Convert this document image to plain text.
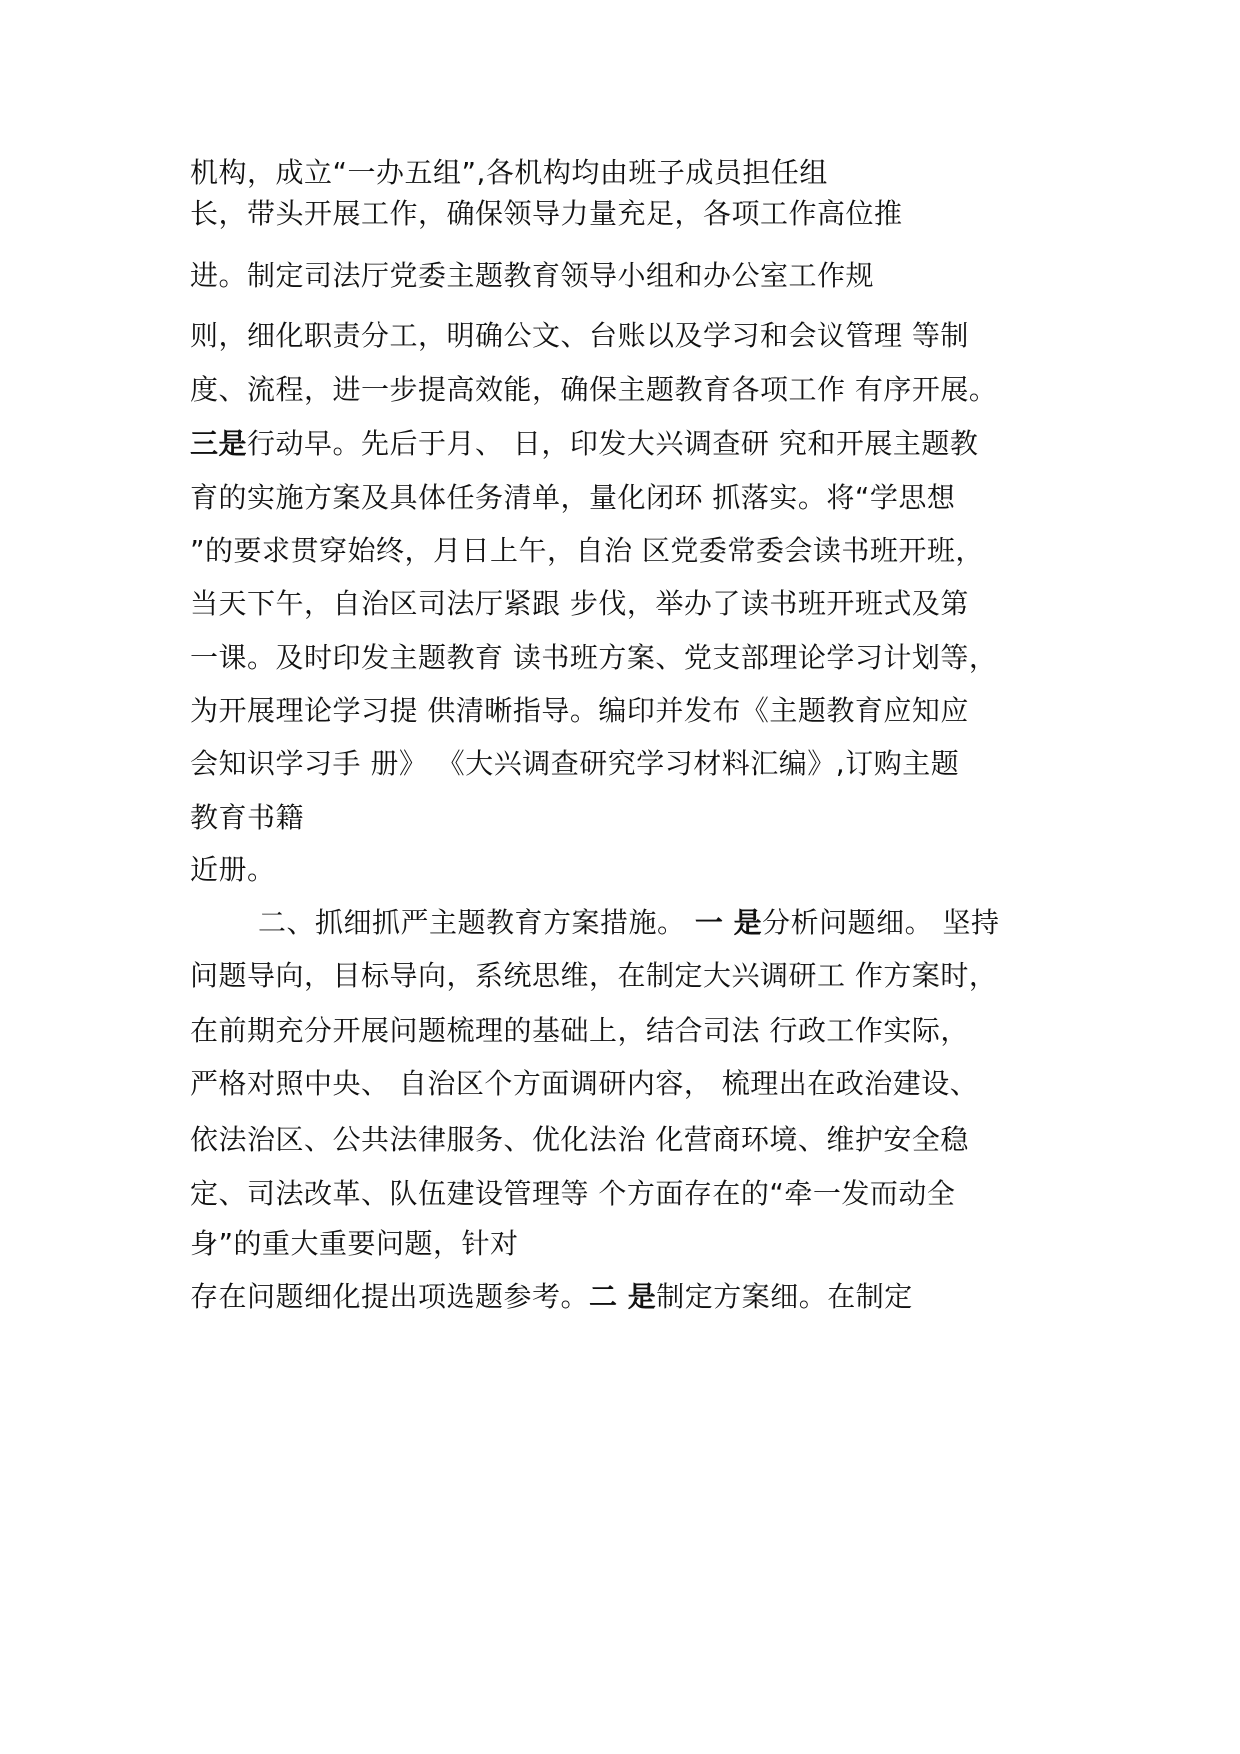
机构，成立“一办五组”,各机构均由班子成员担任组
长，带头开展工作，确保领导力量充足，各项工作高位推
进。制定司法厅党委主题教育领导小组和办公室工作规
则，细化职责分工，明确公文、台账以及学习和会议管理 等制
度、流程，进一步提高效能，确保主题教育各项工作 有序开展。
三是行动早。先后于月、 日，印发大兴调查研 究和开展主题教
育的实施方案及具体任务清单，量化闭环 抓落实。将“学思想
”的要求贯穿始终，月日上午，自治 区党委常委会读书班开班，
当天下午，自治区司法厅紧跟 步伐，举办了读书班开班式及第
一课。及时印发主题教育 读书班方案、党支部理论学习计划等，
为开展理论学习提 供清晰指导。编印并发布《主题教育应知应
会知识学习手 册》 《大兴调查研究学习材料汇编》,订购主题
教育书籍
近册。
二、抓细抓严主题教育方案措施。 一 是分析问题细。 坚持
问题导向，目标导向，系统思维，在制定大兴调研工 作方案时，
在前期充分开展问题梳理的基础上，结合司法 行政工作实际，
严格对照中央、 自治区个方面调研内容， 梳理出在政治建设、
依法治区、公共法律服务、优化法治 化营商环境、维护安全稳
定、司法改革、队伍建设管理等 个方面存在的“牵一发而动全
身”的重大重要问题，针对
存在问题细化提出项选题参考。二 是制定方案细。在制定
